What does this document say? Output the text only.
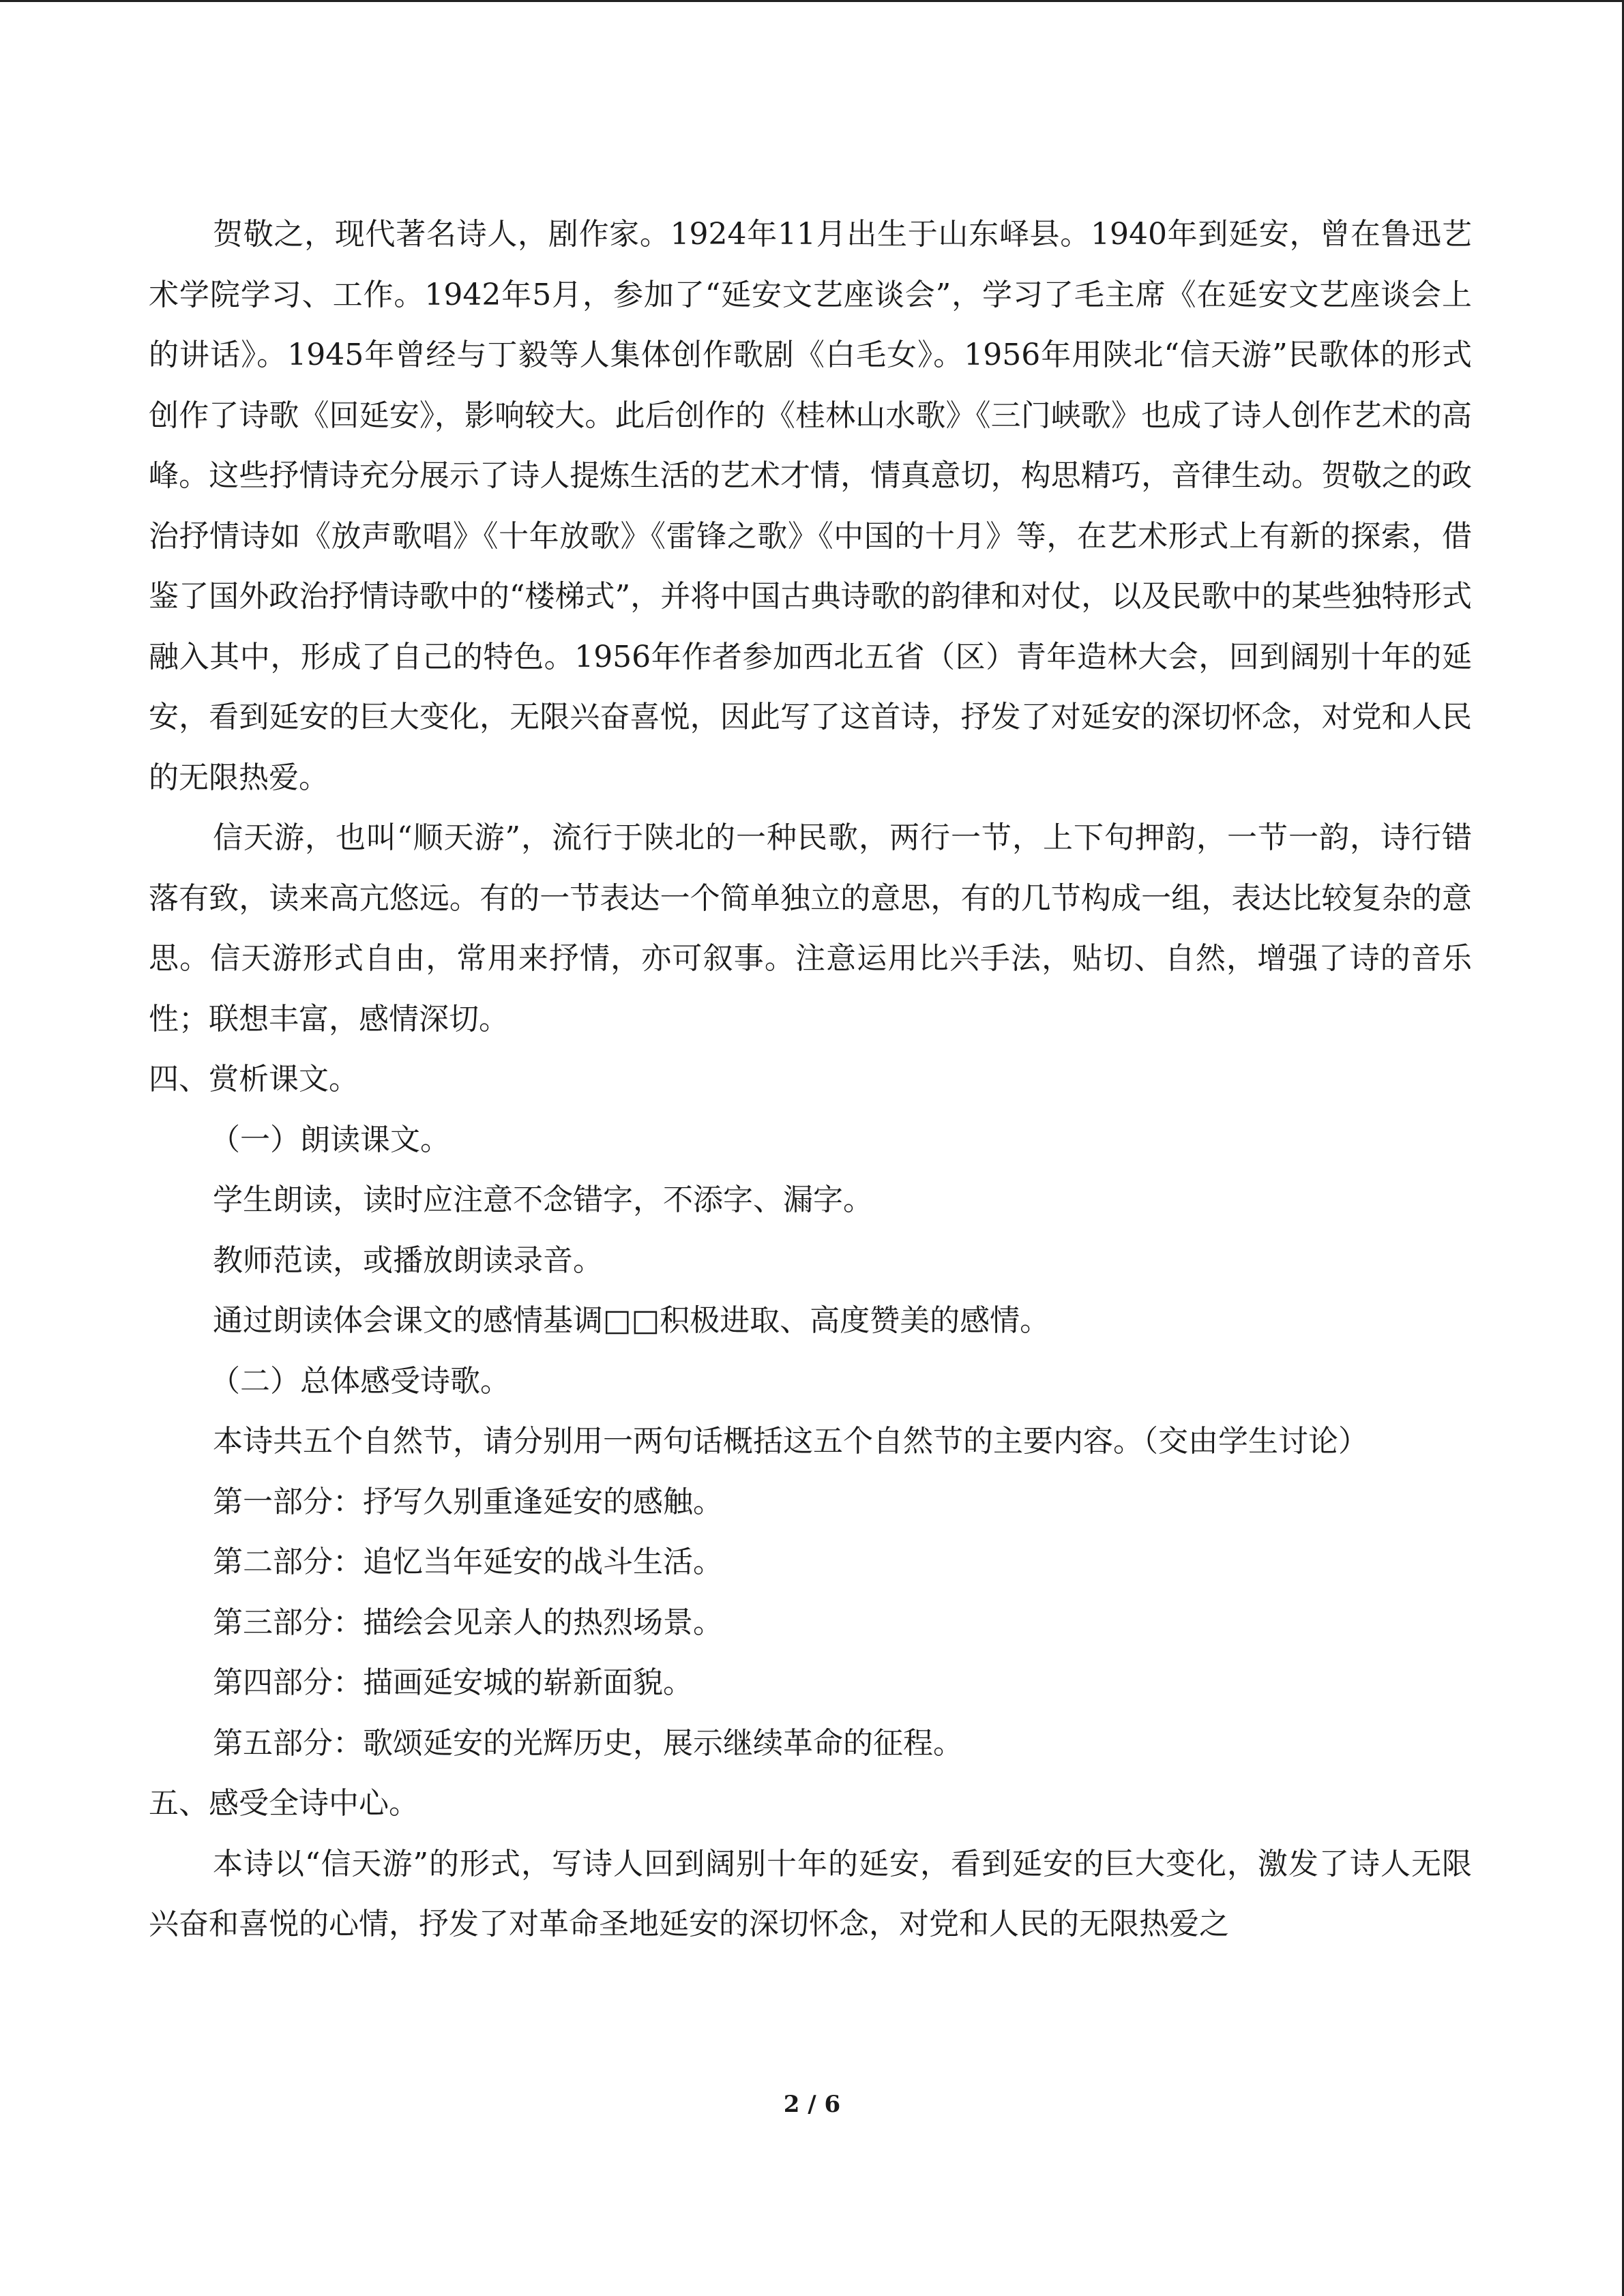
贺敬之，现代著名诗人，剧作家。1924年11月出生于山东峄县。1940年到延安，曾在鲁迅艺术学院学习、工作。1942年5月，参加了“延安文艺座谈会”，学习了毛主席《在延安文艺座谈会上的讲话》。1945年曾经与丁毅等人集体创作歌剧《白毛女》。1956年用陕北“信天游”民歌体的形式创作了诗歌《回延安》，影响较大。此后创作的《桂林山水歌》《三门峡歌》也成了诗人创作艺术的高峰。这些抒情诗充分展示了诗人提炼生活的艺术才情，情真意切，构思精巧，音律生动。贺敬之的政治抒情诗如《放声歌唱》《十年放歌》《雷锋之歌》《中国的十月》等，在艺术形式上有新的探索，借鉴了国外政治抒情诗歌中的“楼梯式”，并将中国古典诗歌的韵律和对仗，以及民歌中的某些独特形式融入其中，形成了自己的特色。1956年作者参加西北五省（区）青年造林大会，回到阔别十年的延安，看到延安的巨大变化，无限兴奋喜悦，因此写了这首诗，抒发了对延安的深切怀念，对党和人民的无限热爱。

信天游，也叫“顺天游”，流行于陕北的一种民歌，两行一节，上下句押韵，一节一韵，诗行错落有致，读来高亢悠远。有的一节表达一个简单独立的意思，有的几节构成一组，表达比较复杂的意思。信天游形式自由，常用来抒情，亦可叙事。注意运用比兴手法，贴切、自然，增强了诗的音乐性；联想丰富，感情深切。

四、赏析课文。

（一）朗读课文。

学生朗读，读时应注意不念错字，不添字、漏字。

教师范读，或播放朗读录音。

通过朗读体会课文的感情基调□□积极进取、高度赞美的感情。

（二）总体感受诗歌。

本诗共五个自然节，请分别用一两句话概括这五个自然节的主要内容。（交由学生讨论）

第一部分：抒写久别重逢延安的感触。

第二部分：追忆当年延安的战斗生活。

第三部分：描绘会见亲人的热烈场景。

第四部分：描画延安城的崭新面貌。

第五部分：歌颂延安的光辉历史，展示继续革命的征程。

五、感受全诗中心。

本诗以“信天游”的形式，写诗人回到阔别十年的延安，看到延安的巨大变化，激发了诗人无限兴奋和喜悦的心情，抒发了对革命圣地延安的深切怀念，对党和人民的无限热爱之

2 / 6
